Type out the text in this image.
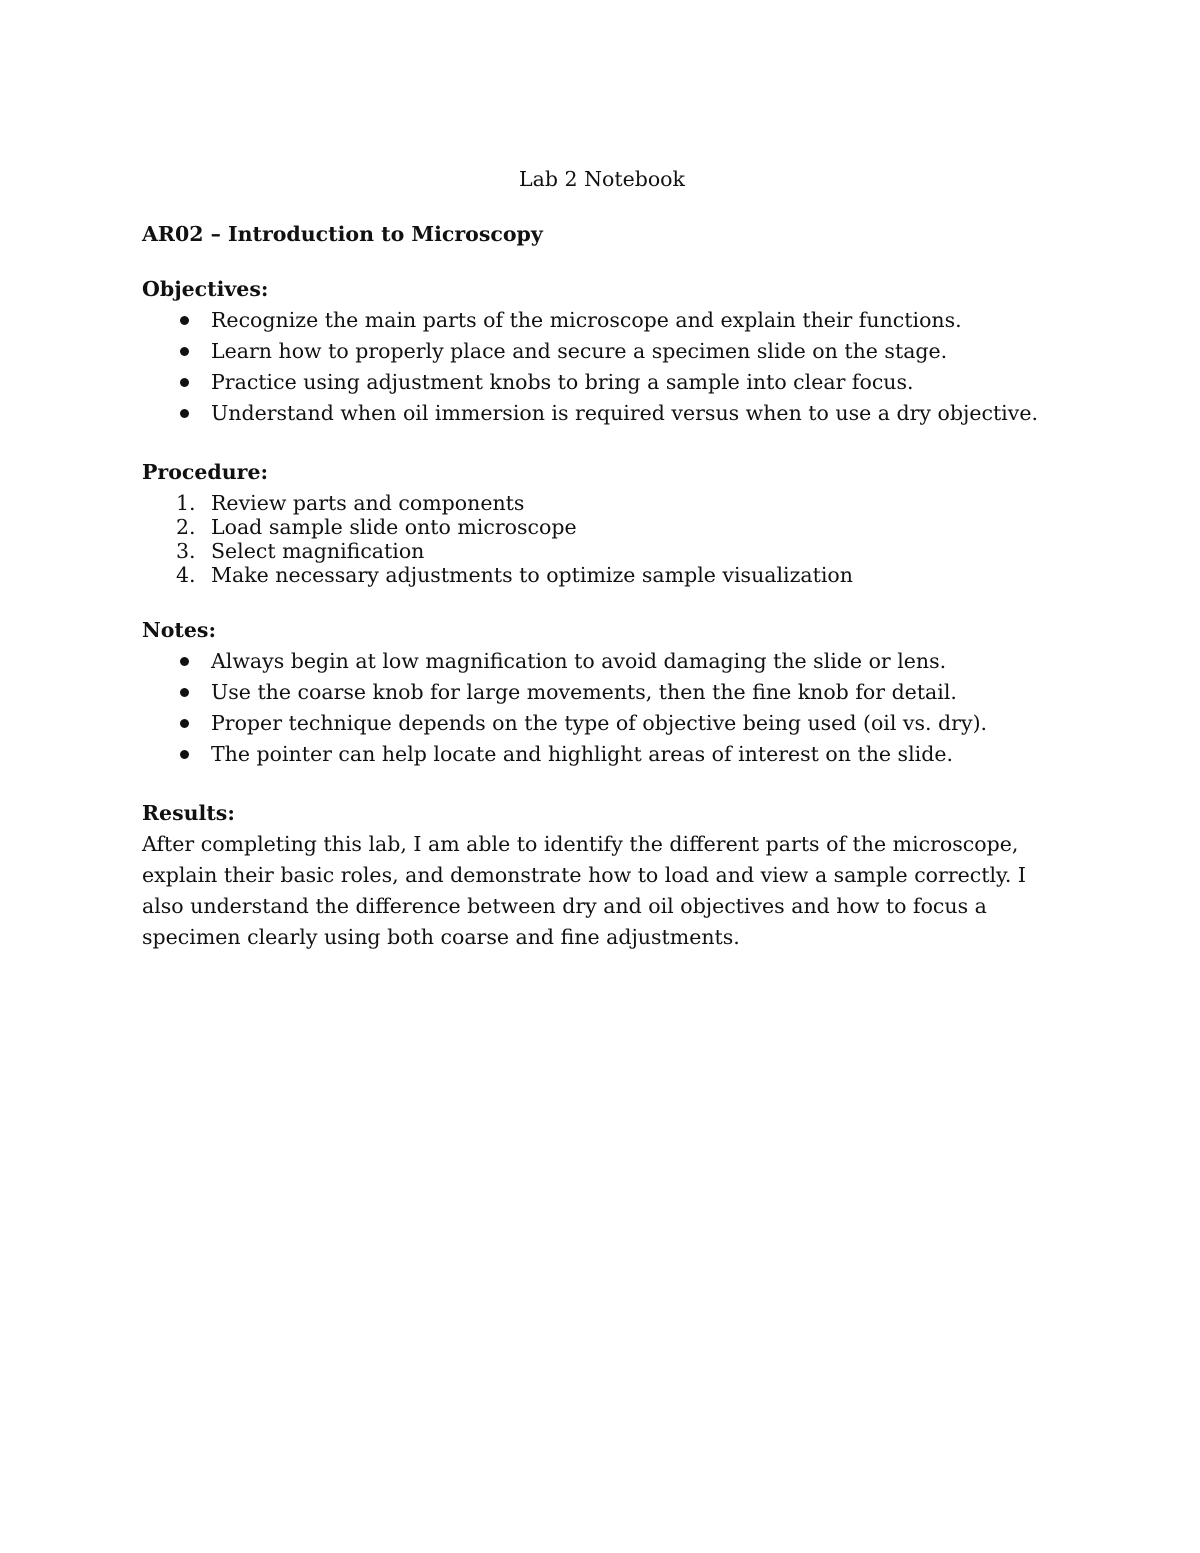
Lab 2 Notebook
AR02 – Introduction to Microscopy
Objectives:
Recognize the main parts of the microscope and explain their functions.
Learn how to properly place and secure a specimen slide on the stage.
Practice using adjustment knobs to bring a sample into clear focus.
Understand when oil immersion is required versus when to use a dry objective.
Procedure:
1. Review parts and components
2. Load sample slide onto microscope
3. Select magnification
4. Make necessary adjustments to optimize sample visualization
Notes:
Always begin at low magnification to avoid damaging the slide or lens.
Use the coarse knob for large movements, then the fine knob for detail.
Proper technique depends on the type of objective being used (oil vs. dry).
The pointer can help locate and highlight areas of interest on the slide.
Results:

After completing this lab, I am able to identify the different parts of the microscope, explain their basic roles, and demonstrate how to load and view a sample correctly. I also understand the difference between dry and oil objectives and how to focus a specimen clearly using both coarse and fine adjustments.
